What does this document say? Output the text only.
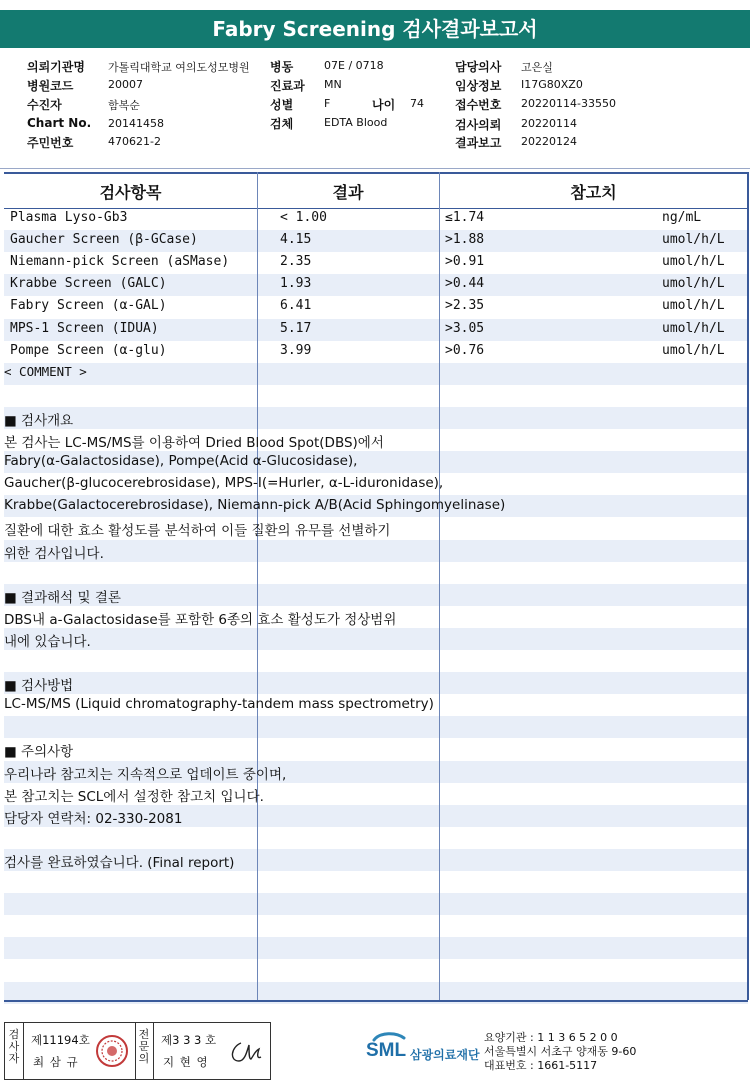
Fabry Screening 검사결과보고서
의뢰기관명 가톨릭대학교 여의도성모병원 병동	07E / 0718	담당의사 고은실
병원코드	20007	진료과 MN	임상정보 I17G80XZ0
수진자	함복순	성별	F	나이 74	접수번호 20220114-33550
Chart No. 20141458	검체	EDTA Blood	검사의뢰 20220114
주민번호	470621-2	결과보고 20220124
검사항목	결과	참고치
Plasma Lyso-Gb3	< 1.00	≤1.74	ng/mL
Gaucher Screen (β-GCase)	4.15	>1.88	umol/h/L
Niemann-pick Screen (aSMase)	2.35	>0.91	umol/h/L
Krabbe Screen (GALC)	1.93	>0.44	umol/h/L
Fabry Screen (α-GAL)	6.41	>2.35	umol/h/L
MPS-1 Screen (IDUA)	5.17	>3.05	umol/h/L
Pompe Screen (α-glu)	3.99	>0.76	umol/h/L
< COMMENT >
■ 검사개요
본 검사는 LC-MS/MS를 이용하여 Dried Blood Spot(DBS)에서
Fabry(α-Galactosidase), Pompe(Acid α-Glucosidase),
Gaucher(β-glucocerebrosidase), MPS-I(=Hurler, α-L-iduronidase),
Krabbe(Galactocerebrosidase), Niemann-pick A/B(Acid Sphingomyelinase)
질환에 대한 효소 활성도를 분석하여 이들 질환의 유무를 선별하기
위한 검사입니다.
■ 결과해석 및 결론
DBS내 a-Galactosidase를 포함한 6종의 효소 활성도가 정상범위
내에 있습니다.
■ 검사방법
LC-MS/MS (Liquid chromatography-tandem mass spectrometry)
■ 주의사항
우리나라 참고치는 지속적으로 업데이트 중이며,
본 참고치는 SCL에서 설정한 참고치 입니다.
담당자 연락처: 02-330-2081
검사를 완료하였습니다. (Final report)
검사자
제11194호
최 삼 규
전문의
제3 3 3 호
지 현 영
SML 삼광의료재단
요양기관 : 1 1 3 6 5 2 0 0
서울특별시 서초구 양재동 9-60
대표번호 : 1661-5117
